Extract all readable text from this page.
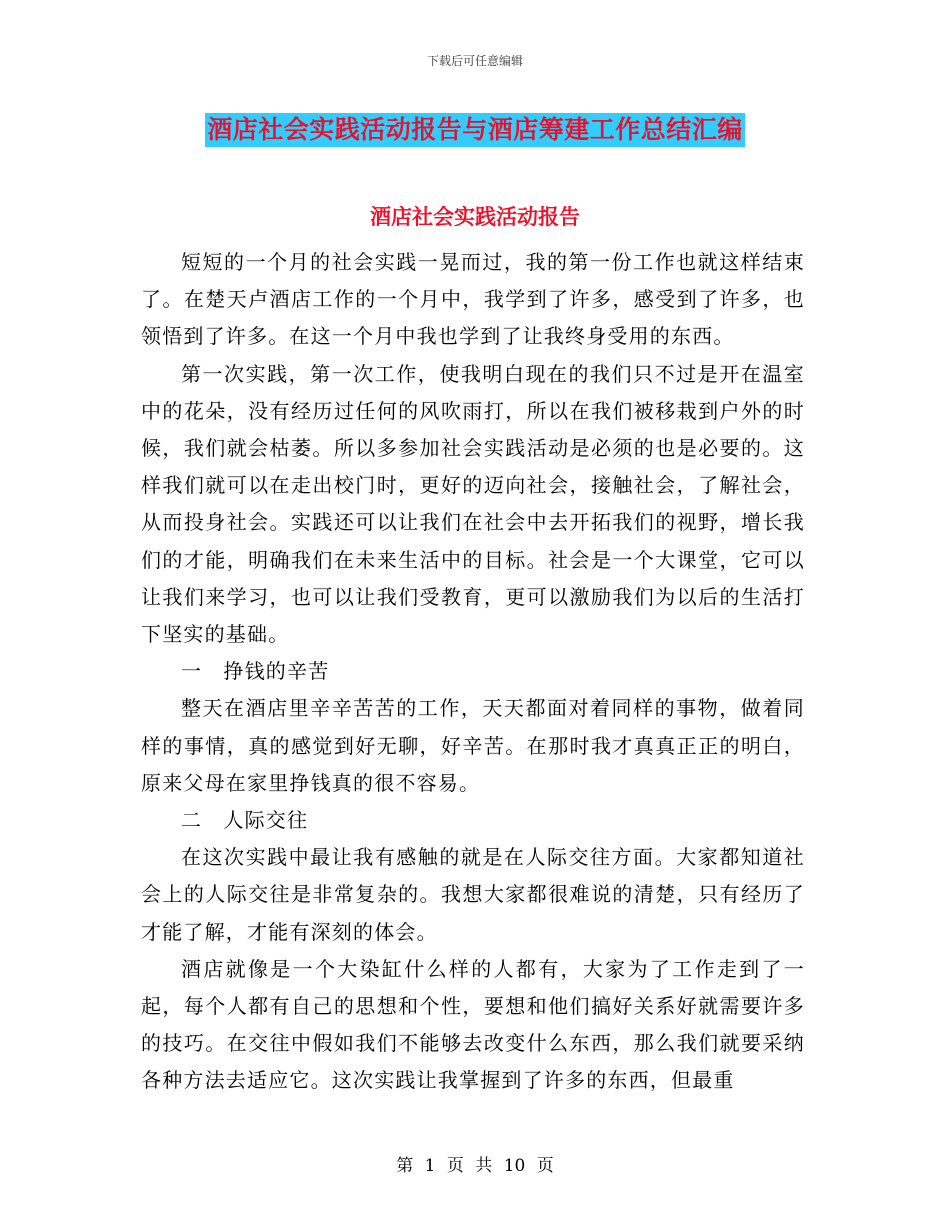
下载后可任意编辑
酒店社会实践活动报告与酒店筹建工作总结汇编
酒店社会实践活动报告

短短的一个月的社会实践一晃而过，我的第一份工作也就这样结束了。在楚天卢酒店工作的一个月中，我学到了许多，感受到了许多，也领悟到了许多。在这一个月中我也学到了让我终身受用的东西。

第一次实践，第一次工作，使我明白现在的我们只不过是开在温室中的花朵，没有经历过任何的风吹雨打，所以在我们被移栽到户外的时候，我们就会枯萎。所以多参加社会实践活动是必须的也是必要的。这样我们就可以在走出校门时，更好的迈向社会，接触社会，了解社会，从而投身社会。实践还可以让我们在社会中去开拓我们的视野，增长我们的才能，明确我们在未来生活中的目标。社会是一个大课堂，它可以让我们来学习，也可以让我们受教育，更可以激励我们为以后的生活打下坚实的基础。

一　挣钱的辛苦

整天在酒店里辛辛苦苦的工作，天天都面对着同样的事物，做着同样的事情，真的感觉到好无聊，好辛苦。在那时我才真真正正的明白，原来父母在家里挣钱真的很不容易。

二　人际交往

在这次实践中最让我有感触的就是在人际交往方面。大家都知道社会上的人际交往是非常复杂的。我想大家都很难说的清楚，只有经历了才能了解，才能有深刻的体会。

酒店就像是一个大染缸什么样的人都有，大家为了工作走到了一起，每个人都有自己的思想和个性，要想和他们搞好关系好就需要许多的技巧。在交往中假如我们不能够去改变什么东西，那么我们就要采纳各种方法去适应它。这次实践让我掌握到了许多的东西，但最重

第 1 页 共 10 页
